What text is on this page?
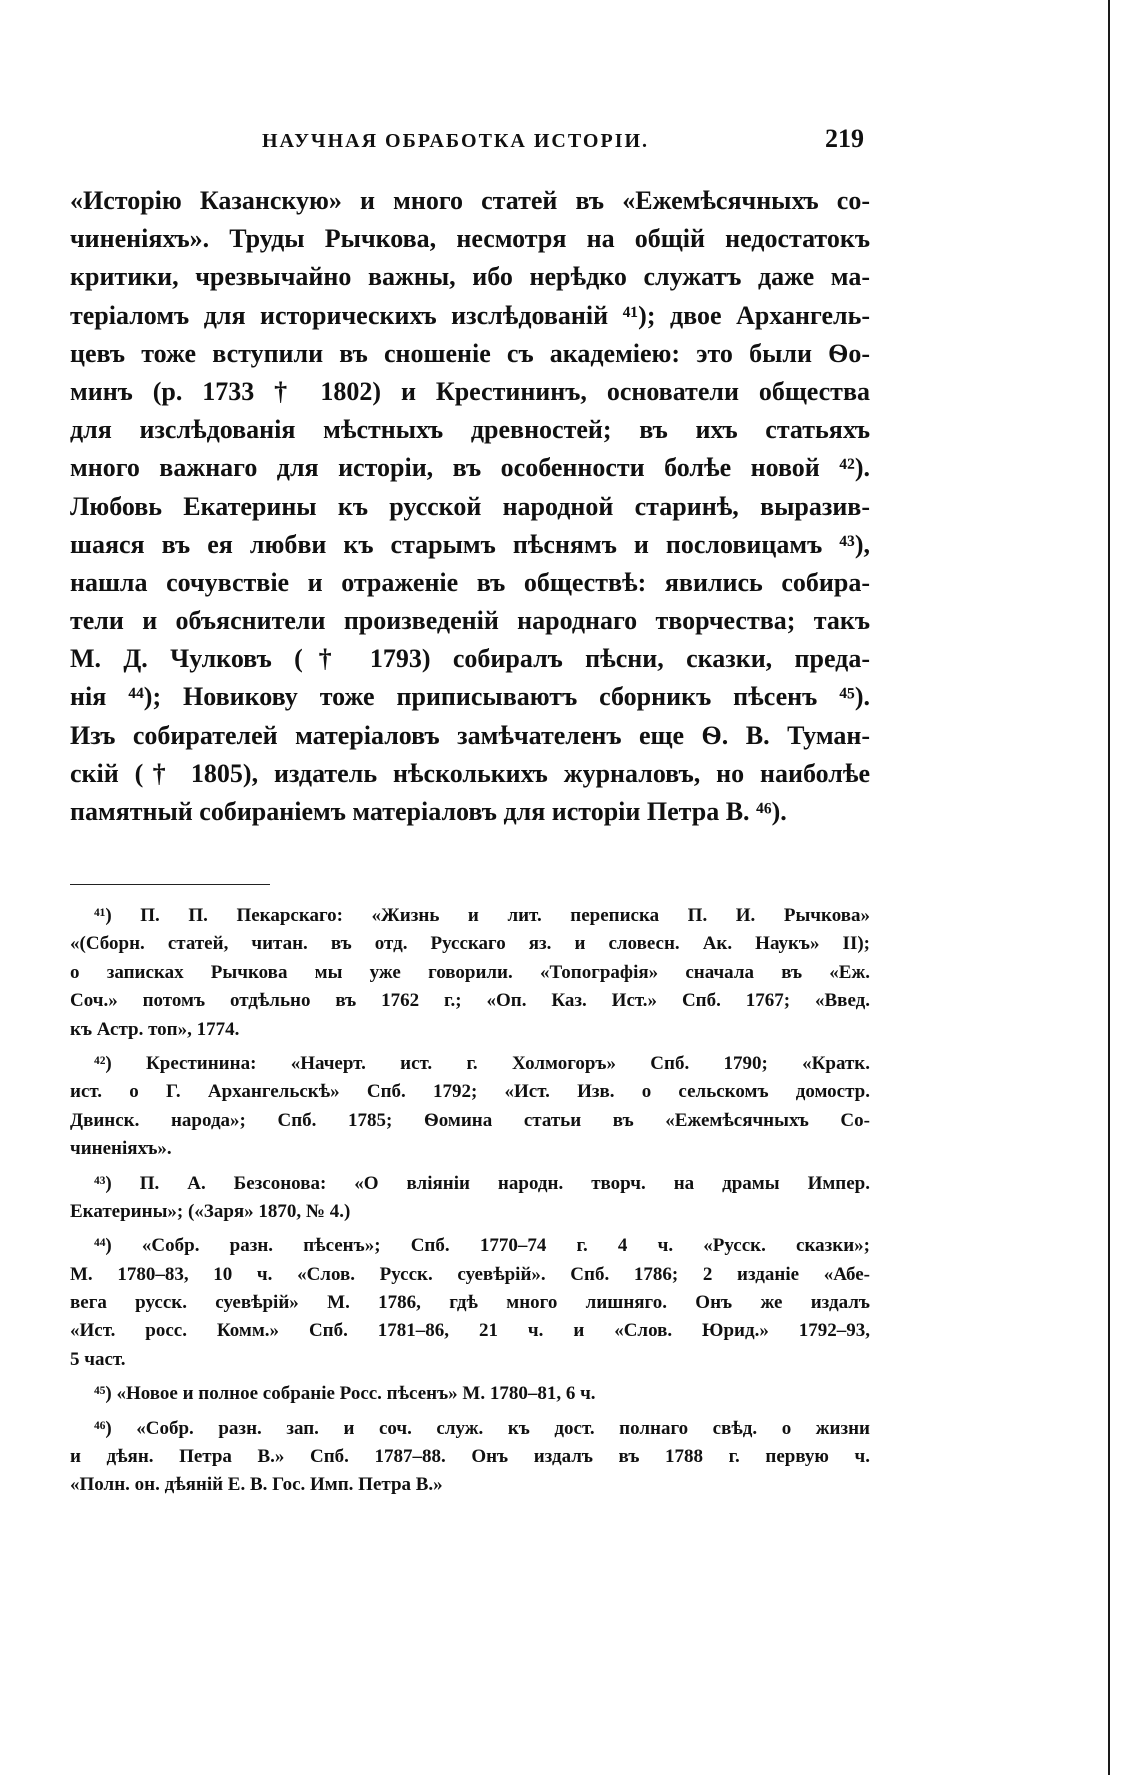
НАУЧНАЯ ОБРАБОТКА ИСТОРІИ.	219
«Исторію Казанскую» и много статей въ «Ежемѣсячныхъ со-
чиненіяхъ». Труды Рычкова, несмотря на общій недостатокъ
критики, чрезвычайно важны, ибо нерѣдко служатъ даже ма-
теріаломъ для историческихъ изслѣдованій ⁴¹); двое Архангель-
цевъ тоже вступили въ сношеніе съ академіею: это были Ѳо-
минъ (р. 1733 † 1802) и Крестининъ, основатели общества
для изслѣдованія мѣстныхъ древностей; въ ихъ статьяхъ
много важнаго для исторіи, въ особенности болѣе новой ⁴²).
Любовь Екатерины къ русской народной старинѣ, выразив-
шаяся въ ея любви къ старымъ пѣснямъ и пословицамъ ⁴³),
нашла сочувствіе и отраженіе въ обществѣ: явились собира-
тели и объяснители произведеній народнаго творчества; такъ
М. Д. Чулковъ († 1793) собиралъ пѣсни, сказки, преда-
нія ⁴⁴); Новикову тоже приписываютъ сборникъ пѣсенъ ⁴⁵).
Изъ собирателей матеріаловъ замѣчателенъ еще Ѳ. В. Туман-
скій († 1805), издатель нѣсколькихъ журналовъ, но наиболѣе
памятный собираніемъ матеріаловъ для исторіи Петра В. ⁴⁶).
⁴¹) П. П. Пекарскаго: «Жизнь и лит. переписка П. И. Рычкова»
«(Сборн. статей, читан. въ отд. Русскаго яз. и словесн. Ак. Наукъ» II);
о записках Рычкова мы уже говорили. «Топографія» сначала въ «Еж.
Соч.» потомъ отдѣльно въ 1762 г.; «Оп. Каз. Ист.» Спб. 1767; «Введ.
къ Астр. топ», 1774.
⁴²) Крестинина: «Начерт. ист. г. Холмогоръ» Спб. 1790; «Кратк.
ист. о Г. Архангельскѣ» Спб. 1792; «Ист. Изв. о сельскомъ домостр.
Двинск. народа»; Спб. 1785; Ѳомина статьи въ «Ежемѣсячныхъ Со-
чиненіяхъ».
⁴³) П. А. Безсонова: «О вліяніи народн. творч. на драмы Импер.
Екатерины»; («Заря» 1870, № 4.)
⁴⁴) «Собр. разн. пѣсенъ»; Спб. 1770–74 г. 4 ч. «Русск. сказки»;
М. 1780–83, 10 ч. «Слов. Русск. суевѣрій». Спб. 1786; 2 изданіе «Абе-
вега русск. суевѣрій» М. 1786, гдѣ много лишняго. Онъ же издалъ
«Ист. росс. Комм.» Спб. 1781–86, 21 ч. и «Слов. Юрид.» 1792–93,
5 част.
⁴⁵) «Новое и полное собраніе Росс. пѣсенъ» М. 1780–81, 6 ч.
⁴⁶) «Собр. разн. зап. и соч. служ. къ дост. полнаго свѣд. о жизни
и дѣян. Петра В.» Спб. 1787–88. Онъ издалъ въ 1788 г. первую ч.
«Полн. он. дѣяній Е. В. Гос. Имп. Петра В.»
